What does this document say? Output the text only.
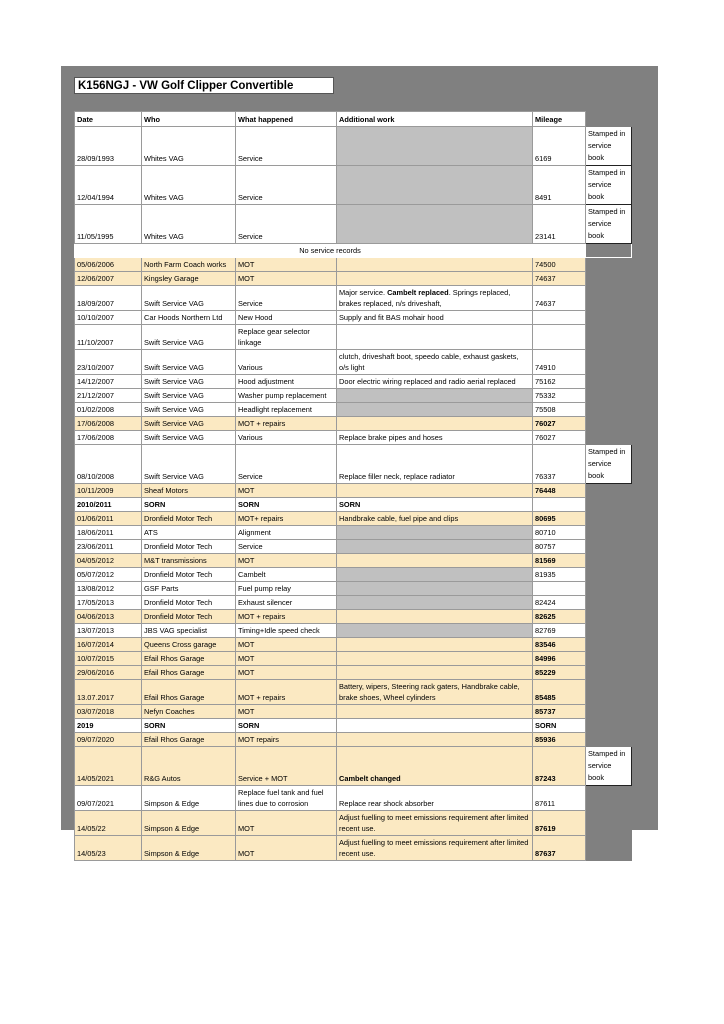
K156NGJ - VW Golf Clipper Convertible
Date	Who	What happened	Additional work	Mileage	
28/09/1993	Whites VAG	Service		6169	Stamped in service book
12/04/1994	Whites VAG	Service		8491	Stamped in service book
11/05/1995	Whites VAG	Service		23141	Stamped in service book
No service records					
05/06/2006	North Farm Coach works	MOT		74500	
12/06/2007	Kingsley Garage	MOT		74637	
18/09/2007	Swift Service VAG	Service	Major service. Cambelt replaced. Springs replaced, brakes replaced, n/s driveshaft,	74637	
10/10/2007	Car Hoods Northern Ltd	New Hood	Supply and fit BAS mohair hood		
11/10/2007	Swift Service VAG	Replace gear selector linkage			
23/10/2007	Swift Service VAG	Various	clutch, driveshaft boot, speedo cable, exhaust gaskets, o/s light	74910	
14/12/2007	Swift Service VAG	Hood adjustment	Door electric wiring replaced and radio aerial replaced	75162	
21/12/2007	Swift Service VAG	Washer pump replacement		75332	
01/02/2008	Swift Service VAG	Headlight replacement		75508	
17/06/2008	Swift Service VAG	MOT + repairs		76027	
17/06/2008	Swift Service VAG	Various	Replace brake pipes and hoses	76027	
08/10/2008	Swift Service VAG	Service	Replace filler neck, replace radiator	76337	Stamped in service book
10/11/2009	Sheaf Motors	MOT		76448	
2010/2011	SORN	SORN	SORN		
01/06/2011	Dronfield Motor Tech	MOT+ repairs	Handbrake cable, fuel pipe and clips	80695	
18/06/2011	ATS	Alignment		80710	
23/06/2011	Dronfield Motor Tech	Service		80757	
04/05/2012	M&T transmissions	MOT		81569	
05/07/2012	Dronfield Motor Tech	Cambelt		81935	
13/08/2012	GSF Parts	Fuel pump relay			
17/05/2013	Dronfield Motor Tech	Exhaust silencer		82424	
04/06/2013	Dronfield Motor Tech	MOT + repairs		82625	
13/07/2013	JBS VAG specialist	Timing+Idle speed check		82769	
16/07/2014	Queens Cross garage	MOT		83546	
10/07/2015	Efail Rhos Garage	MOT		84996	
29/06/2016	Efail Rhos Garage	MOT		85229	
13.07.2017	Efail Rhos Garage	MOT + repairs	Battery, wipers, Steering rack gaters, Handbrake cable, brake shoes, Wheel cylinders	85485	
03/07/2018	Nefyn Coaches	MOT		85737	
2019	SORN	SORN		SORN	
09/07/2020	Efail Rhos Garage	MOT repairs		85936	
14/05/2021	R&G Autos	Service + MOT	Cambelt changed	87243	Stamped in service book
09/07/2021	Simpson & Edge	Replace fuel tank and fuel lines due to corrosion	Replace rear shock absorber	87611	
14/05/22	Simpson & Edge	MOT	Adjust fuelling to meet emissions requirement after limited recent use.	87619	
14/05/23	Simpson & Edge	MOT	Adjust fuelling to meet emissions requirement after limited recent use.	87637	
